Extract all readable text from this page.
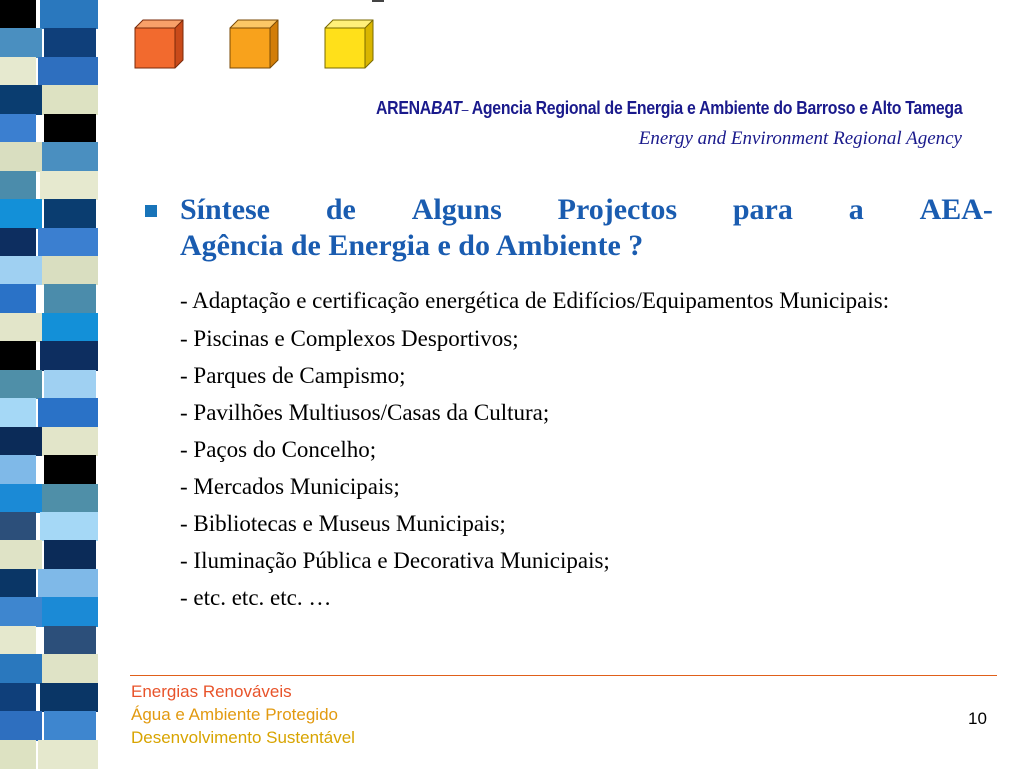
ARENABAT– Agencia Regional de Energia e Ambiente do Barroso e Alto Tamega
Energy and Environment Regional Agency
Síntese de Alguns Projectos para a AEA-
Agência de Energia e do Ambiente ?
- Adaptação e certificação energética de Edifícios/Equipamentos Municipais:
- Piscinas e Complexos Desportivos;
- Parques de Campismo;
- Pavilhões Multiusos/Casas da Cultura;
- Paços do Concelho;
- Mercados Municipais;
- Bibliotecas e Museus Municipais;
- Iluminação Pública e Decorativa Municipais;
- etc. etc. etc. …
Energias Renováveis
Água e Ambiente Protegido
Desenvolvimento Sustentável
10
